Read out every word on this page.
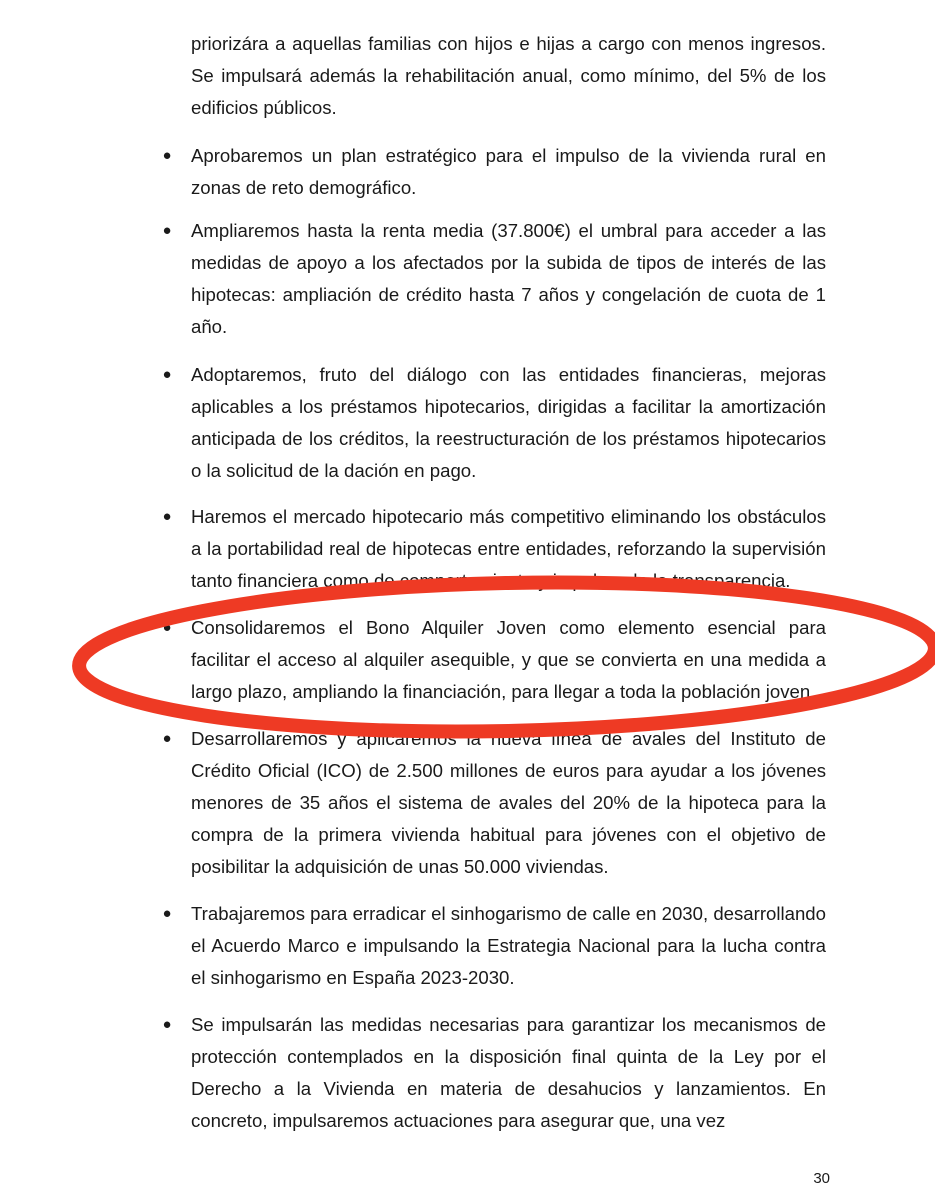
priorizára a aquellas familias con hijos e hijas a cargo con menos ingresos.
Se impulsará además la rehabilitación anual, como mínimo, del 5% de los
edificios públicos.
● Aprobaremos un plan estratégico para el impulso de la vivienda rural en
zonas de reto demográfico.
● Ampliaremos hasta la renta media (37.800€) el umbral para acceder a las
medidas de apoyo a los afectados por la subida de tipos de interés de las
hipotecas: ampliación de crédito hasta 7 años y congelación de cuota de 1
año.
● Adoptaremos, fruto del diálogo con las entidades financieras, mejoras
aplicables a los préstamos hipotecarios, dirigidas a facilitar la amortización
anticipada de los créditos, la reestructuración de los préstamos hipotecarios
o la solicitud de la dación en pago.
● Haremos el mercado hipotecario más competitivo eliminando los obstáculos
a la portabilidad real de hipotecas entre entidades, reforzando la supervisión
tanto financiera como de comportamiento y impulsando la transparencia.
● Consolidaremos el Bono Alquiler Joven como elemento esencial para
facilitar el acceso al alquiler asequible, y que se convierta en una medida a
largo plazo, ampliando la financiación, para llegar a toda la población joven.
● Desarrollaremos y aplicaremos la nueva línea de avales del Instituto de
Crédito Oficial (ICO) de 2.500 millones de euros para ayudar a los jóvenes
menores de 35 años el sistema de avales del 20% de la hipoteca para la
compra de la primera vivienda habitual para jóvenes con el objetivo de
posibilitar la adquisición de unas 50.000 viviendas.
● Trabajaremos para erradicar el sinhogarismo de calle en 2030, desarrollando
el Acuerdo Marco e impulsando la Estrategia Nacional para la lucha contra
el sinhogarismo en España 2023-2030.
● Se impulsarán las medidas necesarias para garantizar los mecanismos de
protección contemplados en la disposición final quinta de la Ley por el
Derecho a la Vivienda en materia de desahucios y lanzamientos. En
concreto, impulsaremos actuaciones para asegurar que, una vez
30
